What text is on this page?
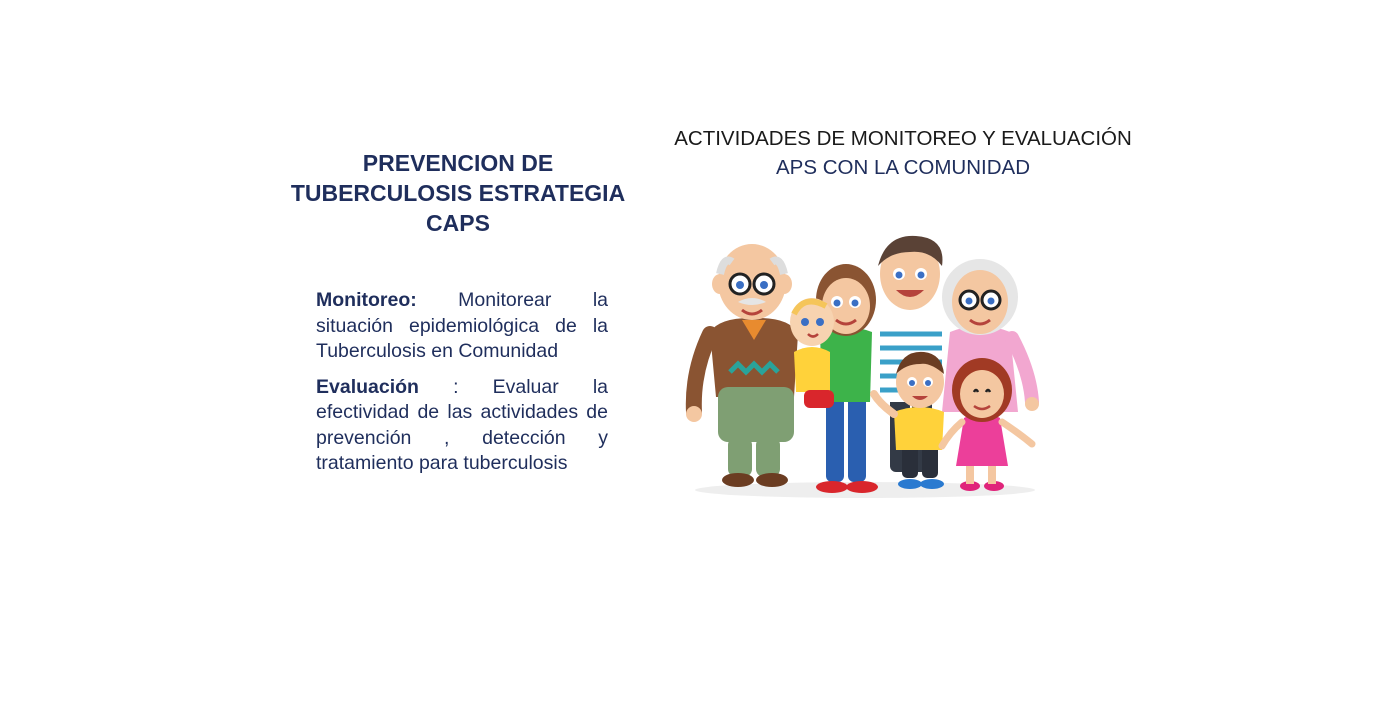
PREVENCION DE
TUBERCULOSIS ESTRATEGIA
CAPS

Monitoreo: Monitorear la situación epidemiológica de la Tuberculosis en Comunidad

Evaluación : Evaluar la efectividad de las actividades de prevención , detección y tratamiento para tuberculosis

ACTIVIDADES DE MONITOREO Y EVALUACIÓN
APS CON LA COMUNIDAD
